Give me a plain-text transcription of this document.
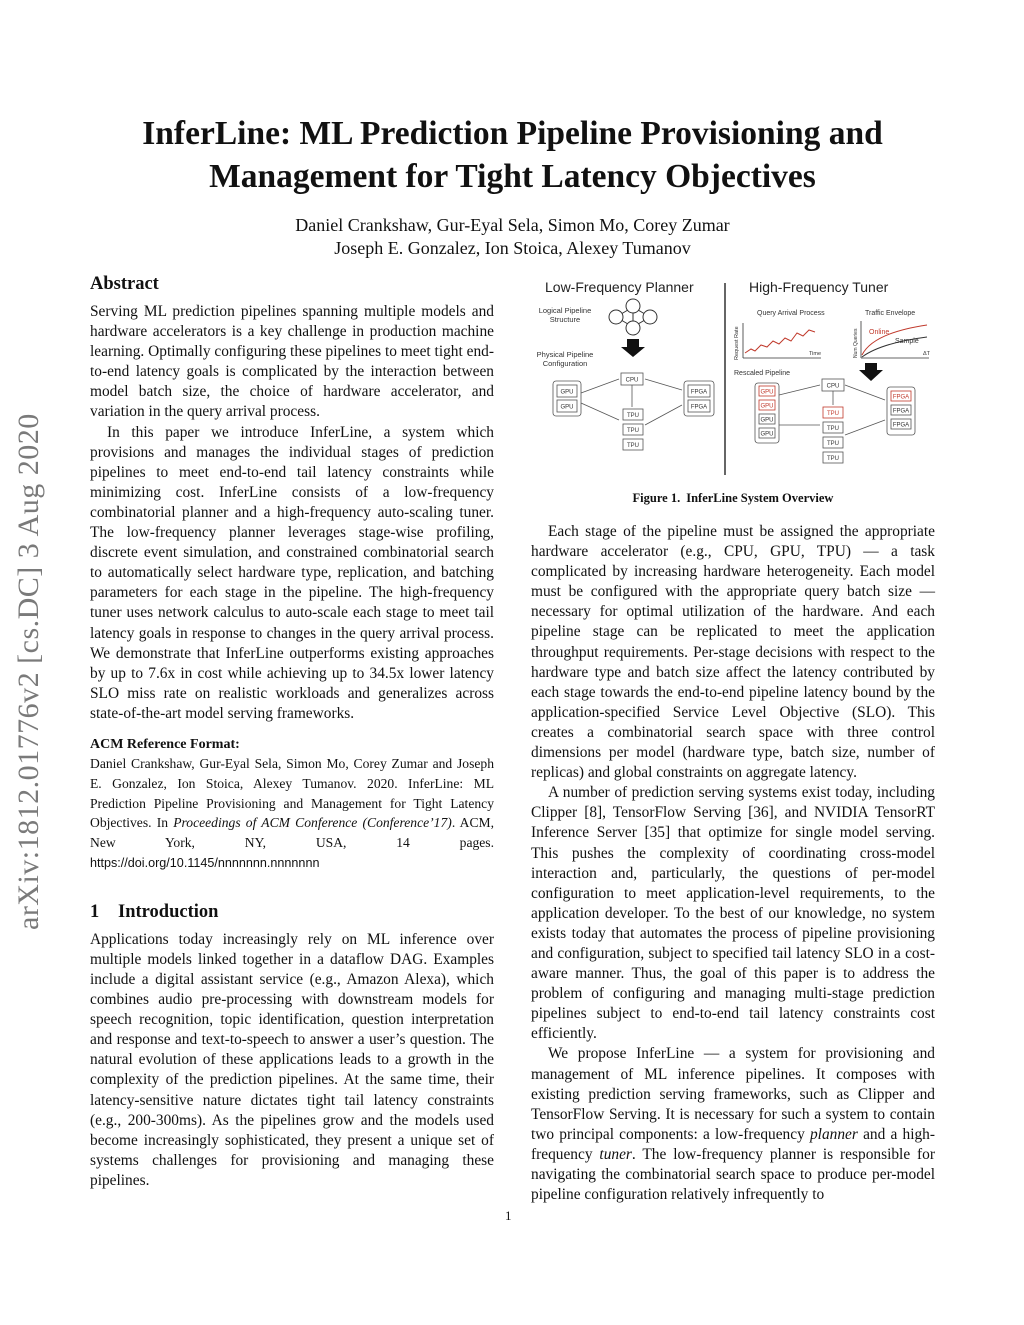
arXiv:1812.01776v2 [cs.DC] 3 Aug 2020
InferLine: ML Prediction Pipeline Provisioning and Management for Tight Latency Objectives
Daniel Crankshaw, Gur-Eyal Sela, Simon Mo, Corey Zumar
Joseph E. Gonzalez, Ion Stoica, Alexey Tumanov
Abstract

Serving ML prediction pipelines spanning multiple models and hardware accelerators is a key challenge in production machine learning. Optimally configuring these pipelines to meet tight end-to-end latency goals is complicated by the interaction between model batch size, the choice of hardware accelerator, and variation in the query arrival process.

In this paper we introduce InferLine, a system which provisions and manages the individual stages of prediction pipelines to meet end-to-end tail latency constraints while minimizing cost. InferLine consists of a low-frequency combinatorial planner and a high-frequency auto-scaling tuner. The low-frequency planner leverages stage-wise profiling, discrete event simulation, and constrained combinatorial search to automatically select hardware type, replication, and batching parameters for each stage in the pipeline. The high-frequency tuner uses network calculus to auto-scale each stage to meet tail latency goals in response to changes in the query arrival process. We demonstrate that InferLine outperforms existing approaches by up to 7.6x in cost while achieving up to 34.5x lower latency SLO miss rate on realistic workloads and generalizes across state-of-the-art model serving frameworks.

ACM Reference Format:

Daniel Crankshaw, Gur-Eyal Sela, Simon Mo, Corey Zumar and Joseph E. Gonzalez, Ion Stoica, Alexey Tumanov. 2020. InferLine: ML Prediction Pipeline Provisioning and Management for Tight Latency Objectives. In Proceedings of ACM Conference (Conference’17). ACM, New York, NY, USA, 14 pages. https://doi.org/10.1145/nnnnnnn.nnnnnnn

1 Introduction

Applications today increasingly rely on ML inference over multiple models linked together in a dataflow DAG. Examples include a digital assistant service (e.g., Amazon Alexa), which combines audio pre-processing with downstream models for speech recognition, topic identification, question interpretation and response and text-to-speech to answer a user’s question. The natural evolution of these applications leads to a growth in the complexity of the prediction pipelines. At the same time, their latency-sensitive nature dictates tight tail latency constraints (e.g., 200-300ms). As the pipelines grow and the models used become increasingly sophisticated, they present a unique set of systems challenges for provisioning and managing these pipelines.

Low-Frequency Planner	High-Frequency Tuner
Logical Pipeline
Structure
Physical Pipeline
Configuration
GPU
GPU
CPU
TPU
TPU
TPU
FPGA
FPGA
Query Arrival Process
Request Rate	Time
Traffic Envelope
Num Queries Online
Sample
ΔT
Rescaled Pipeline
GPU
GPU
GPU
GPU
CPU
TPU
TPU
TPU
TPU
FPGA
FPGA
FPGA
Figure 1. InferLine System Overview

Each stage of the pipeline must be assigned the appropriate hardware accelerator (e.g., CPU, GPU, TPU) — a task complicated by increasing hardware heterogeneity. Each model must be configured with the appropriate query batch size — necessary for optimal utilization of the hardware. And each pipeline stage can be replicated to meet the application throughput requirements. Per-stage decisions with respect to the hardware type and batch size affect the latency contributed by each stage towards the end-to-end pipeline latency bound by the application-specified Service Level Objective (SLO). This creates a combinatorial search space with three control dimensions per model (hardware type, batch size, number of replicas) and global constraints on aggregate latency.

A number of prediction serving systems exist today, including Clipper [8], TensorFlow Serving [36], and NVIDIA TensorRT Inference Server [35] that optimize for single model serving. This pushes the complexity of coordinating cross-model interaction and, particularly, the questions of per-model configuration to meet application-level requirements, to the application developer. To the best of our knowledge, no system exists today that automates the process of pipeline provisioning and configuration, subject to specified tail latency SLO in a cost-aware manner. Thus, the goal of this paper is to address the problem of configuring and managing multi-stage prediction pipelines subject to end-to-end tail latency constraints cost efficiently.

We propose InferLine — a system for provisioning and management of ML inference pipelines. It composes with existing prediction serving frameworks, such as Clipper and TensorFlow Serving. It is necessary for such a system to contain two principal components: a low-frequency planner and a high-frequency tuner. The low-frequency planner is responsible for navigating the combinatorial search space to produce per-model pipeline configuration relatively infrequently to

1
